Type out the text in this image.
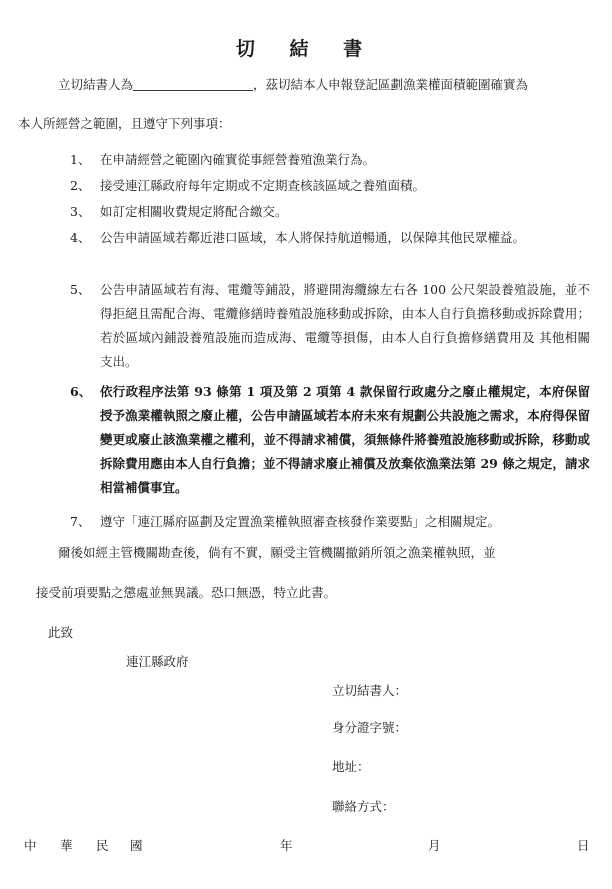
切 結 書
立切結書人為	，茲切結本人申報登記區劃漁業權面積範圍確實為
本人所經營之範圍，且遵守下列事項：
1、 在申請經營之範圍內確實從事經營養殖漁業行為。
2、 接受連江縣政府每年定期或不定期查核該區域之養殖面積。
3、 如訂定相關收費規定將配合繳交。
4、 公告申請區域若鄰近港口區域，本人將保持航道暢通，以保障其他民眾權益。
5、 公告申請區域若有海、電纜等鋪設，將避開海纜線左右各 100 公尺架設養殖設施，並不得拒絕且需配合海、電纜修繕時養殖設施移動或拆除，由本人自行負擔移動或拆除費用；若於區域內鋪設養殖設施而造成海、電纜等損傷，由本人自行負擔修繕費用及 其他相關支出。
6、 依行政程序法第 93 條第 1 項及第 2 項第 4 款保留行政處分之廢止權規定，本府保留授予漁業權執照之廢止權，公告申請區域若本府未來有規劃公共設施之需求，本府得保留變更或廢止該漁業權之權利，並不得請求補償，須無條件將養殖設施移動或拆除，移動或拆除費用應由本人自行負擔；並不得請求廢止補償及放棄依漁業法第 29 條之規定，請求相當補償事宜。
7、 遵守「連江縣府區劃及定置漁業權執照審查核發作業要點」之相關規定。
爾後如經主管機關勘查後，倘有不實，願受主管機關撤銷所領之漁業權執照，並
接受前項要點之懲處並無異議。恐口無憑，特立此書。
此致
連江縣政府
立切結書人：
身分證字號：
地址：
聯絡方式：
中 華 民 國	年	月	日
